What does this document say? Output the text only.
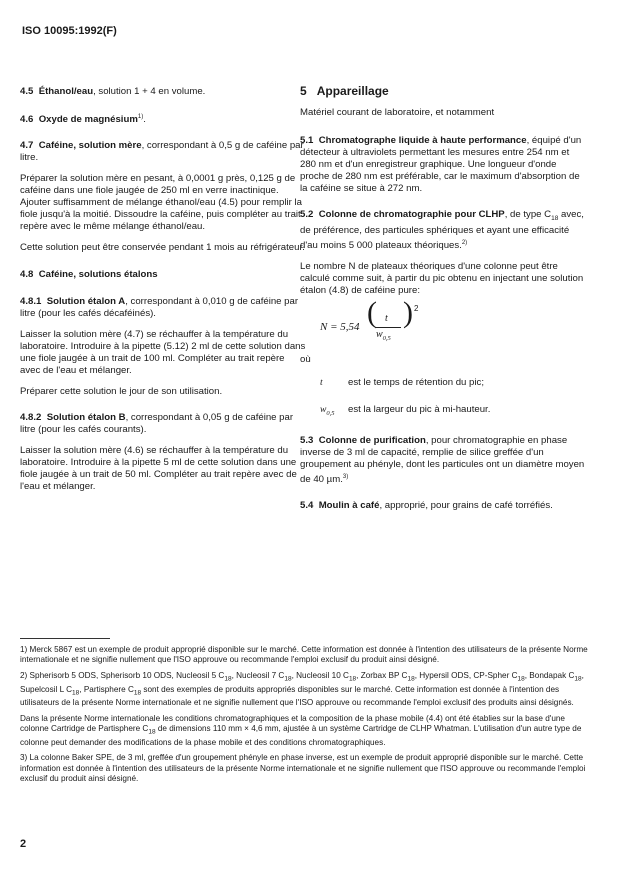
ISO 10095:1992(F)

4.5 Éthanol/eau, solution 1 + 4 en volume.

4.6 Oxyde de magnésium$^{1)}$.

4.7 Caféine, solution mère, correspondant à 0,5 g de caféine par litre.

Préparer la solution mère en pesant, à 0,0001 g près, 0,125 g de caféine dans une fiole jaugée de 250 ml en verre inactinique. Ajouter suffisamment de mélange éthanol/eau (4.5) pour remplir la fiole jusqu'à la moitié. Dissoudre la caféine, puis compléter au trait repère avec le même mélange éthanol/eau.

Cette solution peut être conservée pendant 1 mois au réfrigérateur.

4.8 Caféine, solutions étalons

4.8.1 Solution étalon A, correspondant à 0,010 g de caféine par litre (pour les cafés décaféinés).

Laisser la solution mère (4.7) se réchauffer à la température du laboratoire. Introduire à la pipette (5.12) 2 ml de cette solution dans une fiole jaugée à un trait de 100 ml. Compléter au trait repère avec de l'eau et mélanger.

Préparer cette solution le jour de son utilisation.

4.8.2 Solution étalon B, correspondant à 0,05 g de caféine par litre (pour les cafés courants).

Laisser la solution mère (4.6) se réchauffer à la température du laboratoire. Introduire à la pipette 5 ml de cette solution dans une fiole jaugée à un trait de 50 ml. Compléter au trait repère avec de l'eau et mélanger.

5 Appareillage

Matériel courant de laboratoire, et notamment

5.1 Chromatographe liquide à haute performance, équipé d'un détecteur à ultraviolets permettant les mesures entre 254 nm et 280 nm et d'un enregistreur graphique. Une longueur d'onde proche de 280 nm est préférable, car le maximum d'absorption de la caféine se situe à 272 nm.

5.2 Colonne de chromatographie pour CLHP, de type $C_{18}$ avec, de préférence, des particules sphériques et ayant une efficacité d'au moins 5 000 plateaux théoriques.$^{2)}$

Le nombre N de plateaux théoriques d'une colonne peut être calculé comme suit, à partir du pic obtenu en injectant une solution étalon (4.8) de caféine pure:

N = 5,54 ( t
$w_{0,5}$
) 2

où

t	est le temps de rétention du pic;
$w_{0,5}$	est la largeur du pic à mi-hauteur.

5.3 Colonne de purification, pour chromatographie en phase inverse de 3 ml de capacité, remplie de silice greffée d'un groupement au phényle, dont les particules ont un diamètre moyen de 40 µm.$^{3)}$

5.4 Moulin à café, approprié, pour grains de café torréfiés.

1) Merck 5867 est un exemple de produit approprié disponible sur le marché. Cette information est donnée à l'intention des utilisateurs de la présente Norme internationale et ne signifie nullement que l'ISO approuve ou recommande l'emploi exclusif du produit ainsi désigné.

2) Spherisorb 5 ODS, Spherisorb 10 ODS, Nucleosil 5 $C_{18}$, Nucleosil 7 $C_{18}$, Nucleosil 10 $C_{18}$, Zorbax BP $C_{18}$, Hypersil ODS, CP-Spher $C_{18}$, Bondapak $C_{18}$, Supelcosil L $C_{18}$, Partisphere $C_{18}$ sont des exemples de produits appropriés disponibles sur le marché. Cette information est donnée à l'intention des utilisateurs de la présente Norme internationale et ne signifie nullement que l'ISO approuve ou recommande l'emploi exclusif des produits ainsi désignés.

Dans la présente Norme internationale les conditions chromatographiques et la composition de la phase mobile (4.4) ont été établies sur la base d'une colonne Cartridge de Partisphere $C_{18}$ de dimensions 110 mm × 4,6 mm, ajustée à un système Cartridge de CLHP Whatman. L'utilisation d'un autre type de colonne peut demander des modifications de la phase mobile et des conditions chromatographiques.

3) La colonne Baker SPE, de 3 ml, greffée d'un groupement phényle en phase inverse, est un exemple de produit approprié disponible sur le marché. Cette information est donnée à l'intention des utilisateurs de la présente Norme internationale et ne signifie nullement que l'ISO approuve ou recommande l'emploi exclusif du produit ainsi désigné.

2
